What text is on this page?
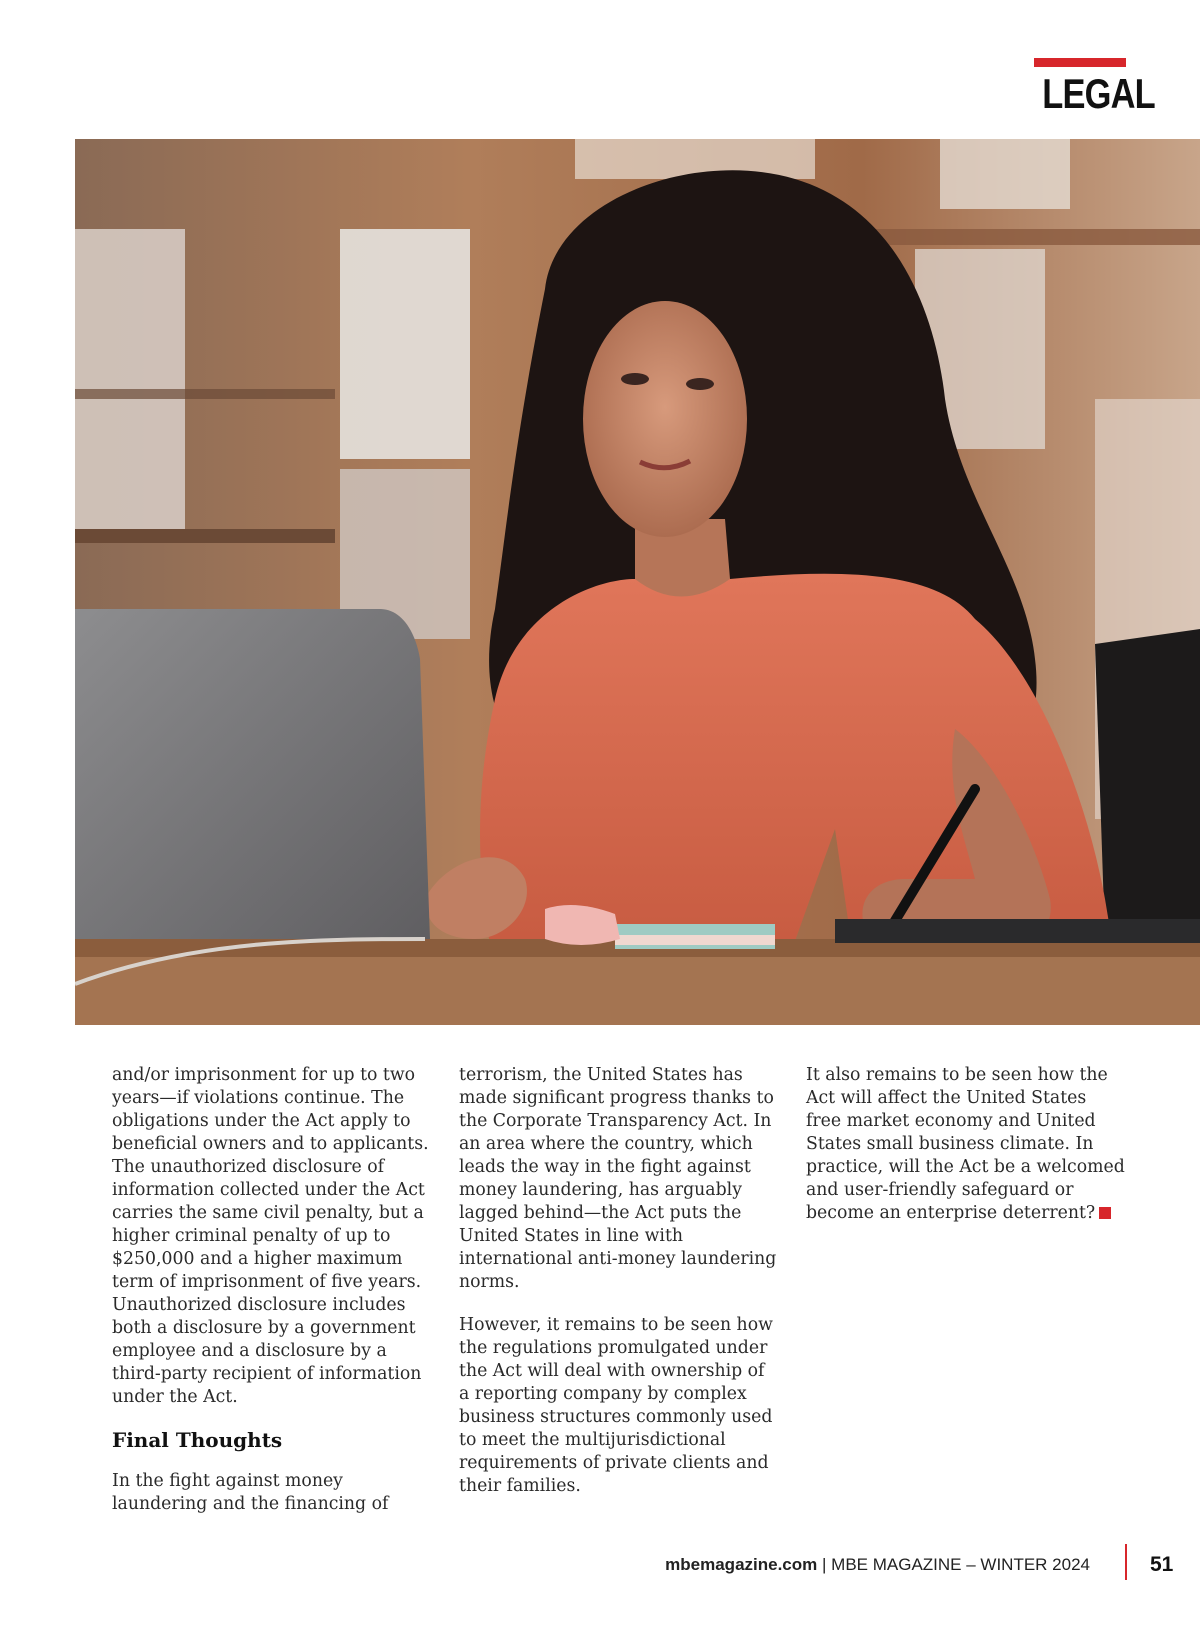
LEGAL

and/or imprisonment for up to two years—if violations continue. The obligations under the Act apply to beneficial owners and to applicants. The unauthorized disclosure of information collected under the Act carries the same civil penalty, but a higher criminal penalty of up to $250,000 and a higher maximum term of imprisonment of five years. Unauthorized disclosure includes both a disclosure by a government employee and a disclosure by a third-party recipient of information under the Act.

Final Thoughts

In the fight against money laundering and the financing of

terrorism, the United States has made significant progress thanks to the Corporate Transparency Act. In an area where the country, which leads the way in the fight against money laundering, has arguably lagged behind—the Act puts the United States in line with international anti-money laundering norms.

However, it remains to be seen how the regulations promulgated under the Act will deal with ownership of a reporting company by complex business structures commonly used to meet the multijurisdictional requirements of private clients and their families.

It also remains to be seen how the Act will affect the United States free market economy and United States small business climate. In practice, will the Act be a welcomed and user-friendly safeguard or become an enterprise deterrent?

mbemagazine.com | MBE MAGAZINE – WINTER 2024	51
